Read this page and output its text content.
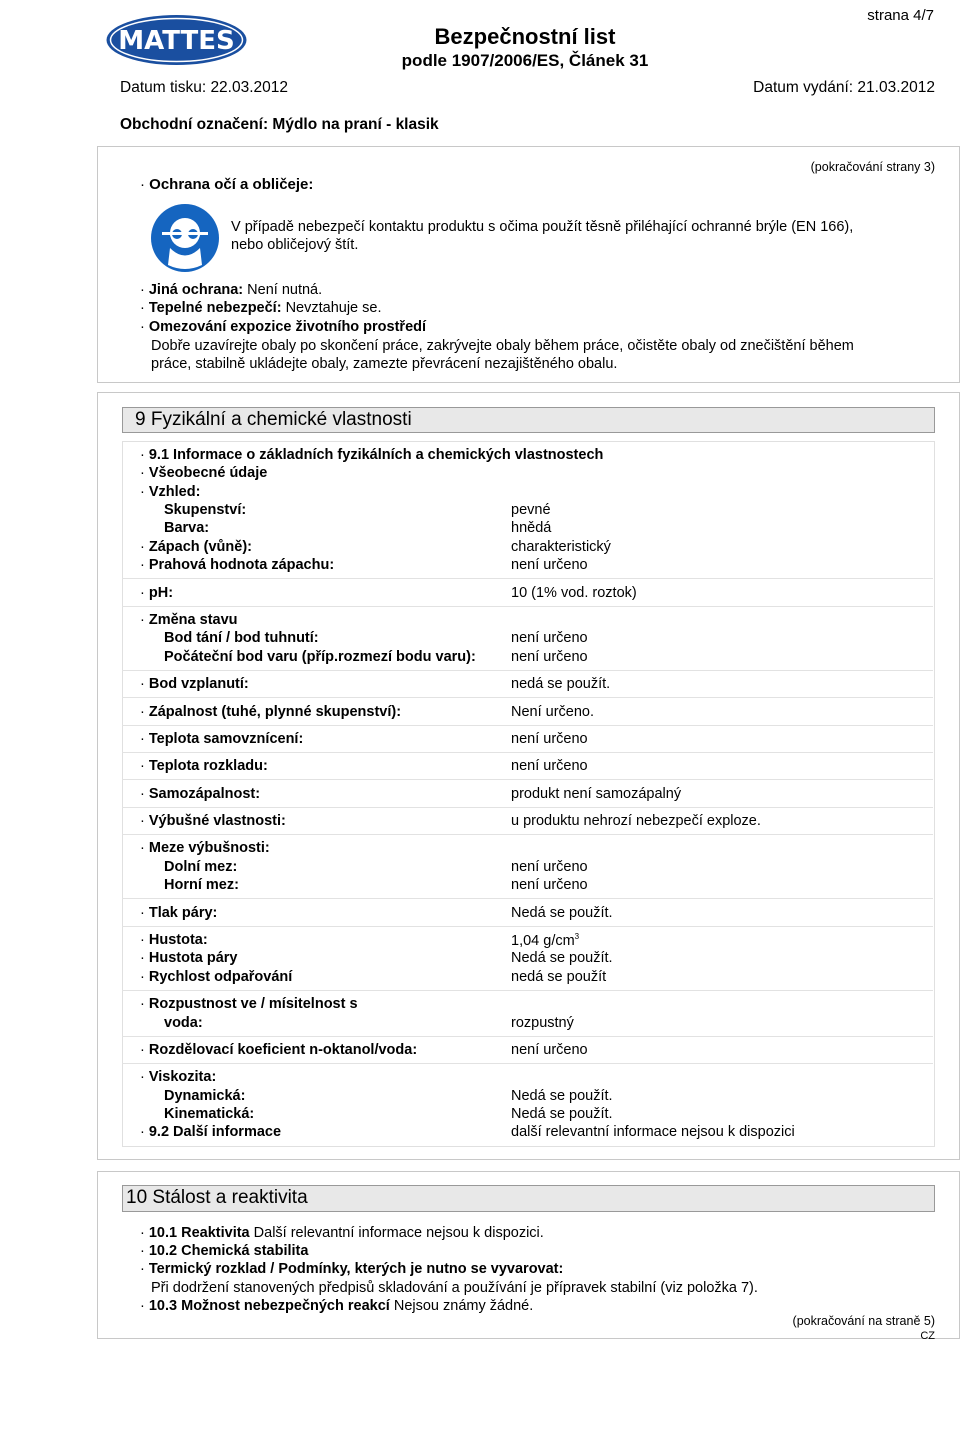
MATTES
strana 4/7
Bezpečnostní list
podle 1907/2006/ES, Článek 31
Datum tisku: 22.03.2012	Datum vydání: 21.03.2012
Obchodní označení: Mýdlo na praní - klasik
· Ochrana očí a obličeje:
(pokračování strany 3)
V případě nebezpečí kontaktu produktu s očima použít těsně přiléhající ochranné brýle (EN 166),
nebo obličejový štít.
· Jiná ochrana: Není nutná.
· Tepelné nebezpečí: Nevztahuje se.
· Omezování expozice životního prostředí
Dobře uzavírejte obaly po skončení práce, zakrývejte obaly během práce, očistěte obaly od znečištění během
práce, stabilně ukládejte obaly, zamezte převrácení nezajištěného obalu.
9 Fyzikální a chemické vlastnosti
· 9.1 Informace o základních fyzikálních a chemických vlastnostech
· Všeobecné údaje
· Vzhled:
Skupenství:	pevné
Barva:	hnědá
· Zápach (vůně):	charakteristický
· Prahová hodnota zápachu:	není určeno
· pH:	10 (1% vod. roztok)
· Změna stavu
Bod tání / bod tuhnutí:	není určeno
Počáteční bod varu (příp.rozmezí bodu varu): není určeno
· Bod vzplanutí:	nedá se použít.
· Zápalnost (tuhé, plynné skupenství):	Není určeno.
· Teplota samovznícení:	není určeno
· Teplota rozkladu:	není určeno
· Samozápalnost:	produkt není samozápalný
· Výbušné vlastnosti:	u produktu nehrozí nebezpečí exploze.
· Meze výbušnosti:
Dolní mez:	není určeno
Horní mez:	není určeno
· Tlak páry:	Nedá se použít.
· Hustota:	1,04 $g/cm^3$
· Hustota páry	Nedá se použít.
· Rychlost odpařování	nedá se použít
· Rozpustnost ve / mísitelnost s
voda:	rozpustný
· Rozdělovací koeficient n-oktanol/voda:	není určeno
· Viskozita:
Dynamická:	Nedá se použít.
Kinematická:	Nedá se použít.
· 9.2 Další informace	další relevantní informace nejsou k dispozici
10 Stálost a reaktivita
· 10.1 Reaktivita Další relevantní informace nejsou k dispozici.
· 10.2 Chemická stabilita
· Termický rozklad / Podmínky, kterých je nutno se vyvarovat:
Při dodržení stanovených předpisů skladování a používání je přípravek stabilní (viz položka 7).
· 10.3 Možnost nebezpečných reakcí Nejsou známy žádné.
(pokračování na straně 5)
CZ
